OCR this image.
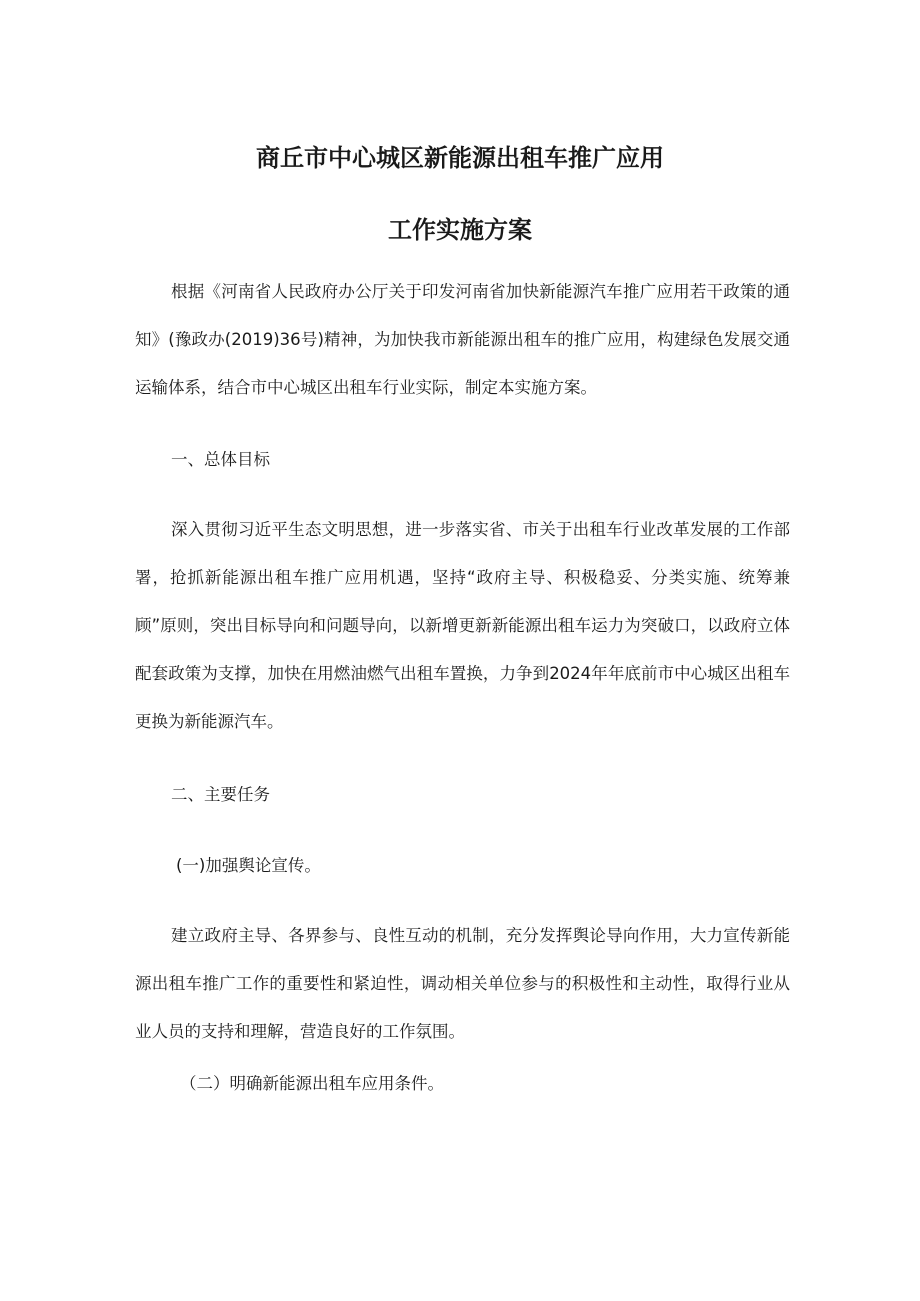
商丘市中心城区新能源出租车推广应用
工作实施方案

根据《河南省人民政府办公厅关于印发河南省加快新能源汽车推广应用若干政策的通知》(豫政办(2019)36号)精神，为加快我市新能源出租车的推广应用，构建绿色发展交通运输体系，结合市中心城区出租车行业实际，制定本实施方案。

一、总体目标

深入贯彻习近平生态文明思想，进一步落实省、市关于出租车行业改革发展的工作部署，抢抓新能源出租车推广应用机遇，坚持“政府主导、积极稳妥、分类实施、统筹兼顾”原则，突出目标导向和问题导向，以新增更新新能源出租车运力为突破口，以政府立体配套政策为支撑，加快在用燃油燃气出租车置换，力争到2024年年底前市中心城区出租车更换为新能源汽车。

二、主要任务

(一)加强舆论宣传。

建立政府主导、各界参与、良性互动的机制，充分发挥舆论导向作用，大力宣传新能源出租车推广工作的重要性和紧迫性，调动相关单位参与的积极性和主动性，取得行业从业人员的支持和理解，营造良好的工作氛围。

（二）明确新能源出租车应用条件。
